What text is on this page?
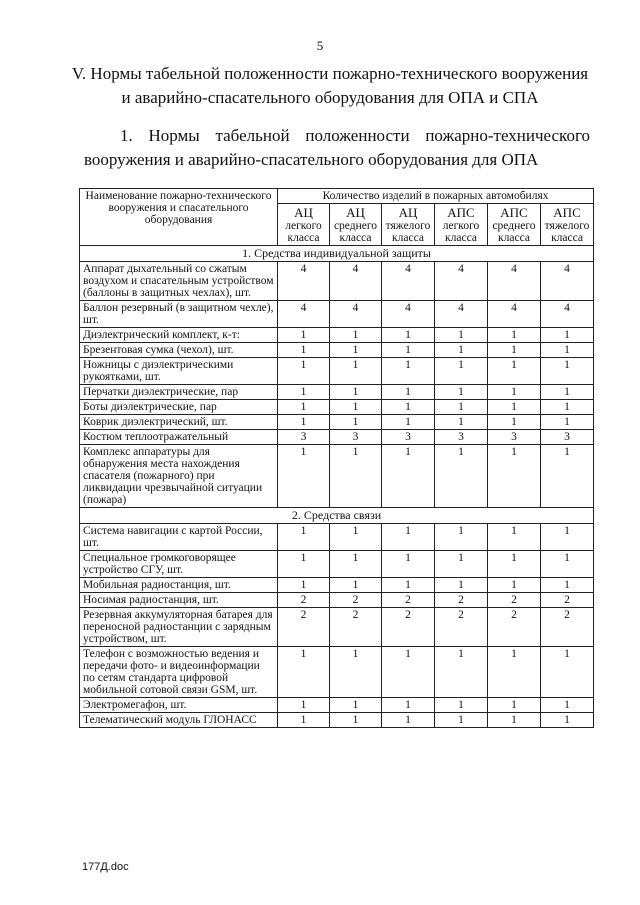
5
V. Нормы табельной положенности пожарно-технического вооружения
и аварийно-спасательного оборудования для ОПА и СПА
1. Нормы табельной положенности пожарно-технического
вооружения и аварийно-спасательного оборудования для ОПА
Наименование пожарно-технического вооружения и спасательного оборудования	Количество изделий в пожарных автомобилях					

	АЦ
легкого
класса	АЦ
среднего
класса	АЦ
тяжелого
класса	АПС
легкого
класса	АПС
среднего
класса	АПС
тяжелого
класса

1. Средства индивидуальной защиты						
Аппарат дыхательный со сжатым воздухом и спасательным устройством (баллоны в защитных чехлах), шт.	4	4	4	4	4	4
Баллон резервный (в защитном чехле), шт.	4	4	4	4	4	4
Диэлектрический комплект, к-т:	1	1	1	1	1	1
Брезентовая сумка (чехол), шт.	1	1	1	1	1	1
Ножницы с диэлектрическими рукоятками, шт.	1	1	1	1	1	1
Перчатки диэлектрические, пар	1	1	1	1	1	1
Боты диэлектрические, пар	1	1	1	1	1	1
Коврик диэлектрический, шт.	1	1	1	1	1	1
Костюм теплоотражательный	3	3	3	3	3	3
Комплекс аппаратуры для обнаружения места нахождения спасателя (пожарного) при ликвидации чрезвычайной ситуации (пожара)	1	1	1	1	1	1
2. Средства связи						
Система навигации с картой России, шт.	1	1	1	1	1	1
Специальное громкоговорящее устройство СГУ, шт.	1	1	1	1	1	1
Мобильная радиостанция, шт.	1	1	1	1	1	1
Носимая радиостанция, шт.	2	2	2	2	2	2
Резервная аккумуляторная батарея для переносной радиостанции с зарядным устройством, шт.	2	2	2	2	2	2
Телефон с возможностью ведения и передачи фото- и видеоинформации по сетям стандарта цифровой мобильной сотовой связи GSM, шт.	1	1	1	1	1	1
Электромегафон, шт.	1	1	1	1	1	1
Телематический модуль ГЛОНАСС	1	1	1	1	1	1
177Д.doc
